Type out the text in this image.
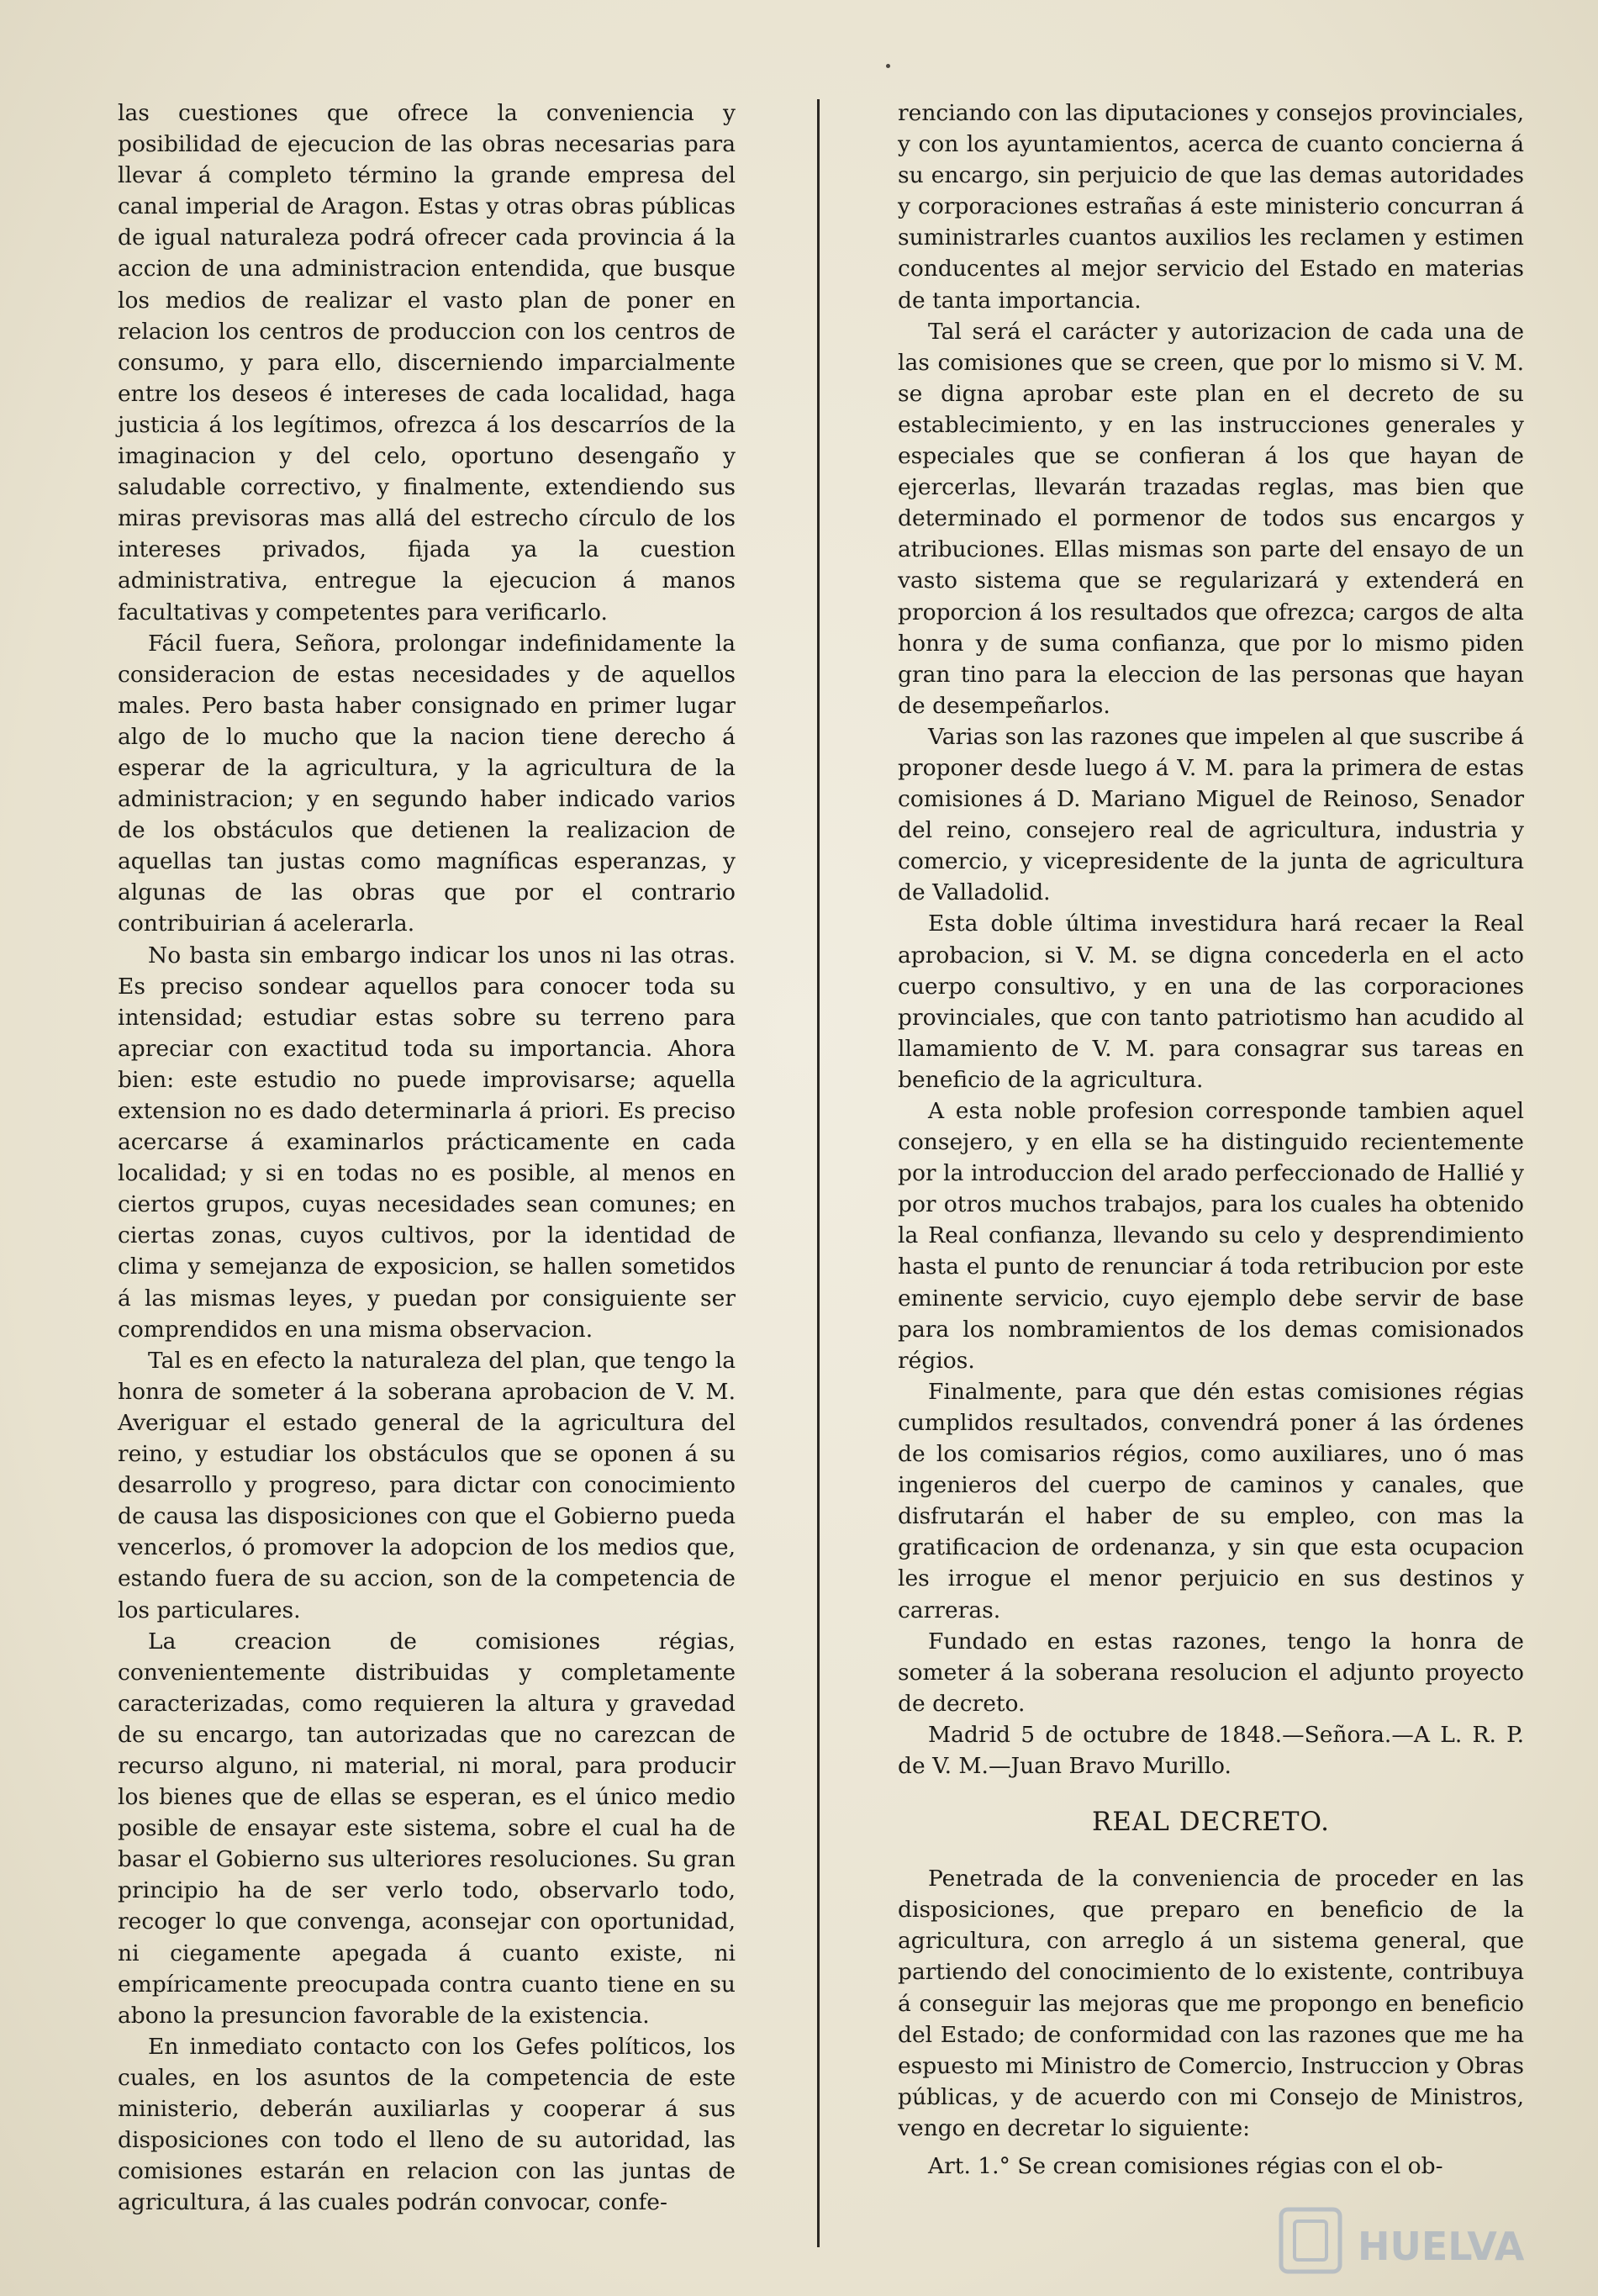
las cuestiones que ofrece la conveniencia y posibilidad de ejecucion de las obras necesarias para llevar á completo término la grande empresa del canal imperial de Aragon. Estas y otras obras públicas de igual naturaleza podrá ofrecer cada provincia á la accion de una administracion entendida, que busque los medios de realizar el vasto plan de poner en relacion los centros de produccion con los centros de consumo, y para ello, discerniendo imparcialmente entre los deseos é intereses de cada localidad, haga justicia á los legítimos, ofrezca á los descarríos de la imaginacion y del celo, oportuno desengaño y saludable correctivo, y finalmente, extendiendo sus miras previsoras mas allá del estrecho círculo de los intereses privados, fijada ya la cuestion administrativa, entregue la ejecucion á manos facultativas y competentes para verificarlo.

Fácil fuera, Señora, prolongar indefinidamente la consideracion de estas necesidades y de aquellos males. Pero basta haber consignado en primer lugar algo de lo mucho que la nacion tiene derecho á esperar de la agricultura, y la agricultura de la administracion; y en segundo haber indicado varios de los obstáculos que detienen la realizacion de aquellas tan justas como magníficas esperanzas, y algunas de las obras que por el contrario contribuirian á acelerarla.

No basta sin embargo indicar los unos ni las otras. Es preciso sondear aquellos para conocer toda su intensidad; estudiar estas sobre su terreno para apreciar con exactitud toda su importancia. Ahora bien: este estudio no puede improvisarse; aquella extension no es dado determinarla á priori. Es preciso acercarse á examinarlos prácticamente en cada localidad; y si en todas no es posible, al menos en ciertos grupos, cuyas necesidades sean comunes; en ciertas zonas, cuyos cultivos, por la identidad de clima y semejanza de exposicion, se hallen sometidos á las mismas leyes, y puedan por consiguiente ser comprendidos en una misma observacion.

Tal es en efecto la naturaleza del plan, que tengo la honra de someter á la soberana aprobacion de V. M. Averiguar el estado general de la agricultura del reino, y estudiar los obstáculos que se oponen á su desarrollo y progreso, para dictar con conocimiento de causa las disposiciones con que el Gobierno pueda vencerlos, ó promover la adopcion de los medios que, estando fuera de su accion, son de la competencia de los particulares.

La creacion de comisiones régias, convenientemente distribuidas y completamente caracterizadas, como requieren la altura y gravedad de su encargo, tan autorizadas que no carezcan de recurso alguno, ni material, ni moral, para producir los bienes que de ellas se esperan, es el único medio posible de ensayar este sistema, sobre el cual ha de basar el Gobierno sus ulteriores resoluciones. Su gran principio ha de ser verlo todo, observarlo todo, recoger lo que convenga, aconsejar con oportunidad, ni ciegamente apegada á cuanto existe, ni empíricamente preocupada contra cuanto tiene en su abono la presuncion favorable de la existencia.

En inmediato contacto con los Gefes políticos, los cuales, en los asuntos de la competencia de este ministerio, deberán auxiliarlas y cooperar á sus disposiciones con todo el lleno de su autoridad, las comisiones estarán en relacion con las juntas de agricultura, á las cuales podrán convocar, confe-

renciando con las diputaciones y consejos provinciales, y con los ayuntamientos, acerca de cuanto concierna á su encargo, sin perjuicio de que las demas autoridades y corporaciones estrañas á este ministerio concurran á suministrarles cuantos auxilios les reclamen y estimen conducentes al mejor servicio del Estado en materias de tanta importancia.

Tal será el carácter y autorizacion de cada una de las comisiones que se creen, que por lo mismo si V. M. se digna aprobar este plan en el decreto de su establecimiento, y en las instrucciones generales y especiales que se confieran á los que hayan de ejercerlas, llevarán trazadas reglas, mas bien que determinado el pormenor de todos sus encargos y atribuciones. Ellas mismas son parte del ensayo de un vasto sistema que se regularizará y extenderá en proporcion á los resultados que ofrezca; cargos de alta honra y de suma confianza, que por lo mismo piden gran tino para la eleccion de las personas que hayan de desempeñarlos.

Varias son las razones que impelen al que suscribe á proponer desde luego á V. M. para la primera de estas comisiones á D. Mariano Miguel de Reinoso, Senador del reino, consejero real de agricultura, industria y comercio, y vicepresidente de la junta de agricultura de Valladolid.

Esta doble última investidura hará recaer la Real aprobacion, si V. M. se digna concederla en el acto cuerpo consultivo, y en una de las corporaciones provinciales, que con tanto patriotismo han acudido al llamamiento de V. M. para consagrar sus tareas en beneficio de la agricultura.

A esta noble profesion corresponde tambien aquel consejero, y en ella se ha distinguido recientemente por la introduccion del arado perfeccionado de Hallié y por otros muchos trabajos, para los cuales ha obtenido la Real confianza, llevando su celo y desprendimiento hasta el punto de renunciar á toda retribucion por este eminente servicio, cuyo ejemplo debe servir de base para los nombramientos de los demas comisionados régios.

Finalmente, para que dén estas comisiones régias cumplidos resultados, convendrá poner á las órdenes de los comisarios régios, como auxiliares, uno ó mas ingenieros del cuerpo de caminos y canales, que disfrutarán el haber de su empleo, con mas la gratificacion de ordenanza, y sin que esta ocupacion les irrogue el menor perjuicio en sus destinos y carreras.

Fundado en estas razones, tengo la honra de someter á la soberana resolucion el adjunto proyecto de decreto.

Madrid 5 de octubre de 1848.—Señora.—A L. R. P. de V. M.—Juan Bravo Murillo.

REAL DECRETO.

Penetrada de la conveniencia de proceder en las disposiciones, que preparo en beneficio de la agricultura, con arreglo á un sistema general, que partiendo del conocimiento de lo existente, contribuya á conseguir las mejoras que me propongo en beneficio del Estado; de conformidad con las razones que me ha espuesto mi Ministro de Comercio, Instruccion y Obras públicas, y de acuerdo con mi Consejo de Ministros, vengo en decretar lo siguiente:

Art. 1.° Se crean comisiones régias con el ob-

HUELVA
